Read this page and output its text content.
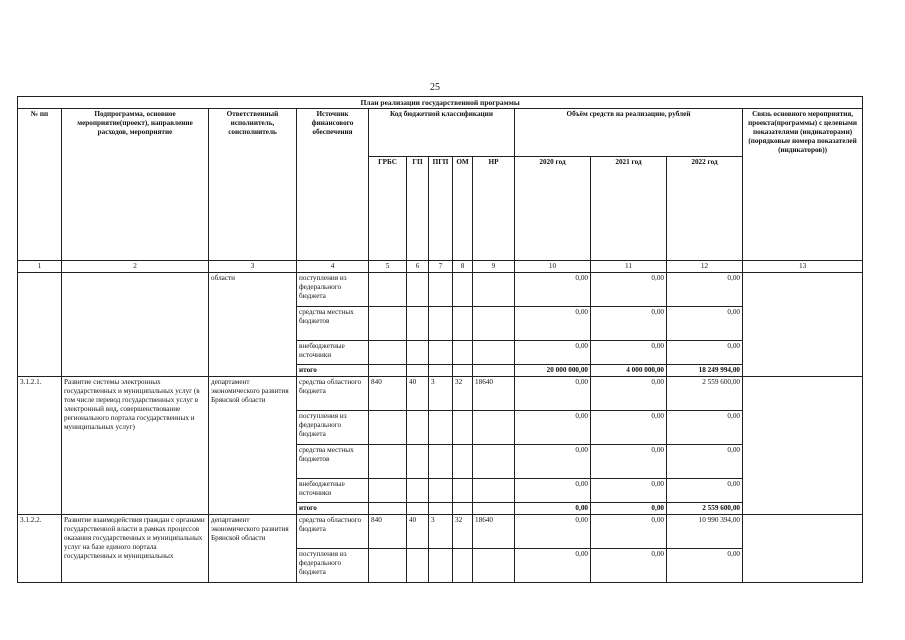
25
План реализации государственной программы												
№ пп	Подпрограмма, основное мероприятие(проект), направление расходов, мероприятие	Ответственный исполнитель, соисполнитель	Источник финансового обеспечения	Код бюджетной классификации					Объём средств на реализацию, рублей			Связь основного мероприятия, проекта(программы) с целевыми показателями (индикаторами) (порядковые номера показателей (индикаторов))
				ГРБС	ГП	ПГП	ОМ	НР	2020 год	2021 год	2022 год	
1	2	3	4	5	6	7	8	9	10	11	12	13
		области	поступления из федерального бюджета						0,00	0,00	0,00	
			средства местных бюджетов						0,00	0,00	0,00	
			внебюджетные источники						0,00	0,00	0,00	
			итого						20 000 000,00	4 000 000,00	18 249 994,00	
3.1.2.1.	Развитие системы электронных государственных и муниципальных услуг (в том числе перевод государственных услуг в электронный вид, совершенствование регионального портала государственных и муниципальных услуг)	департамент экономического развития Брянской области	средства областного бюджета	840	40	3	32	18640	0,00	0,00	2 559 600,00	
			поступления из федерального бюджета						0,00	0,00	0,00	
			средства местных бюджетов						0,00	0,00	0,00	
			внебюджетные источники						0,00	0,00	0,00	
			итого						0,00	0,00	2 559 600,00	
3.1.2.2.	Развитие взаимодействия граждан с органами государственной власти в рамках процессов оказания государственных и муниципальных услуг на базе единого портала государственных и муниципальных	департамент экономического развития Брянской области	средства областного бюджета	840	40	3	32	18640	0,00	0,00	10 990 394,00	
			поступления из федерального бюджета						0,00	0,00	0,00	
